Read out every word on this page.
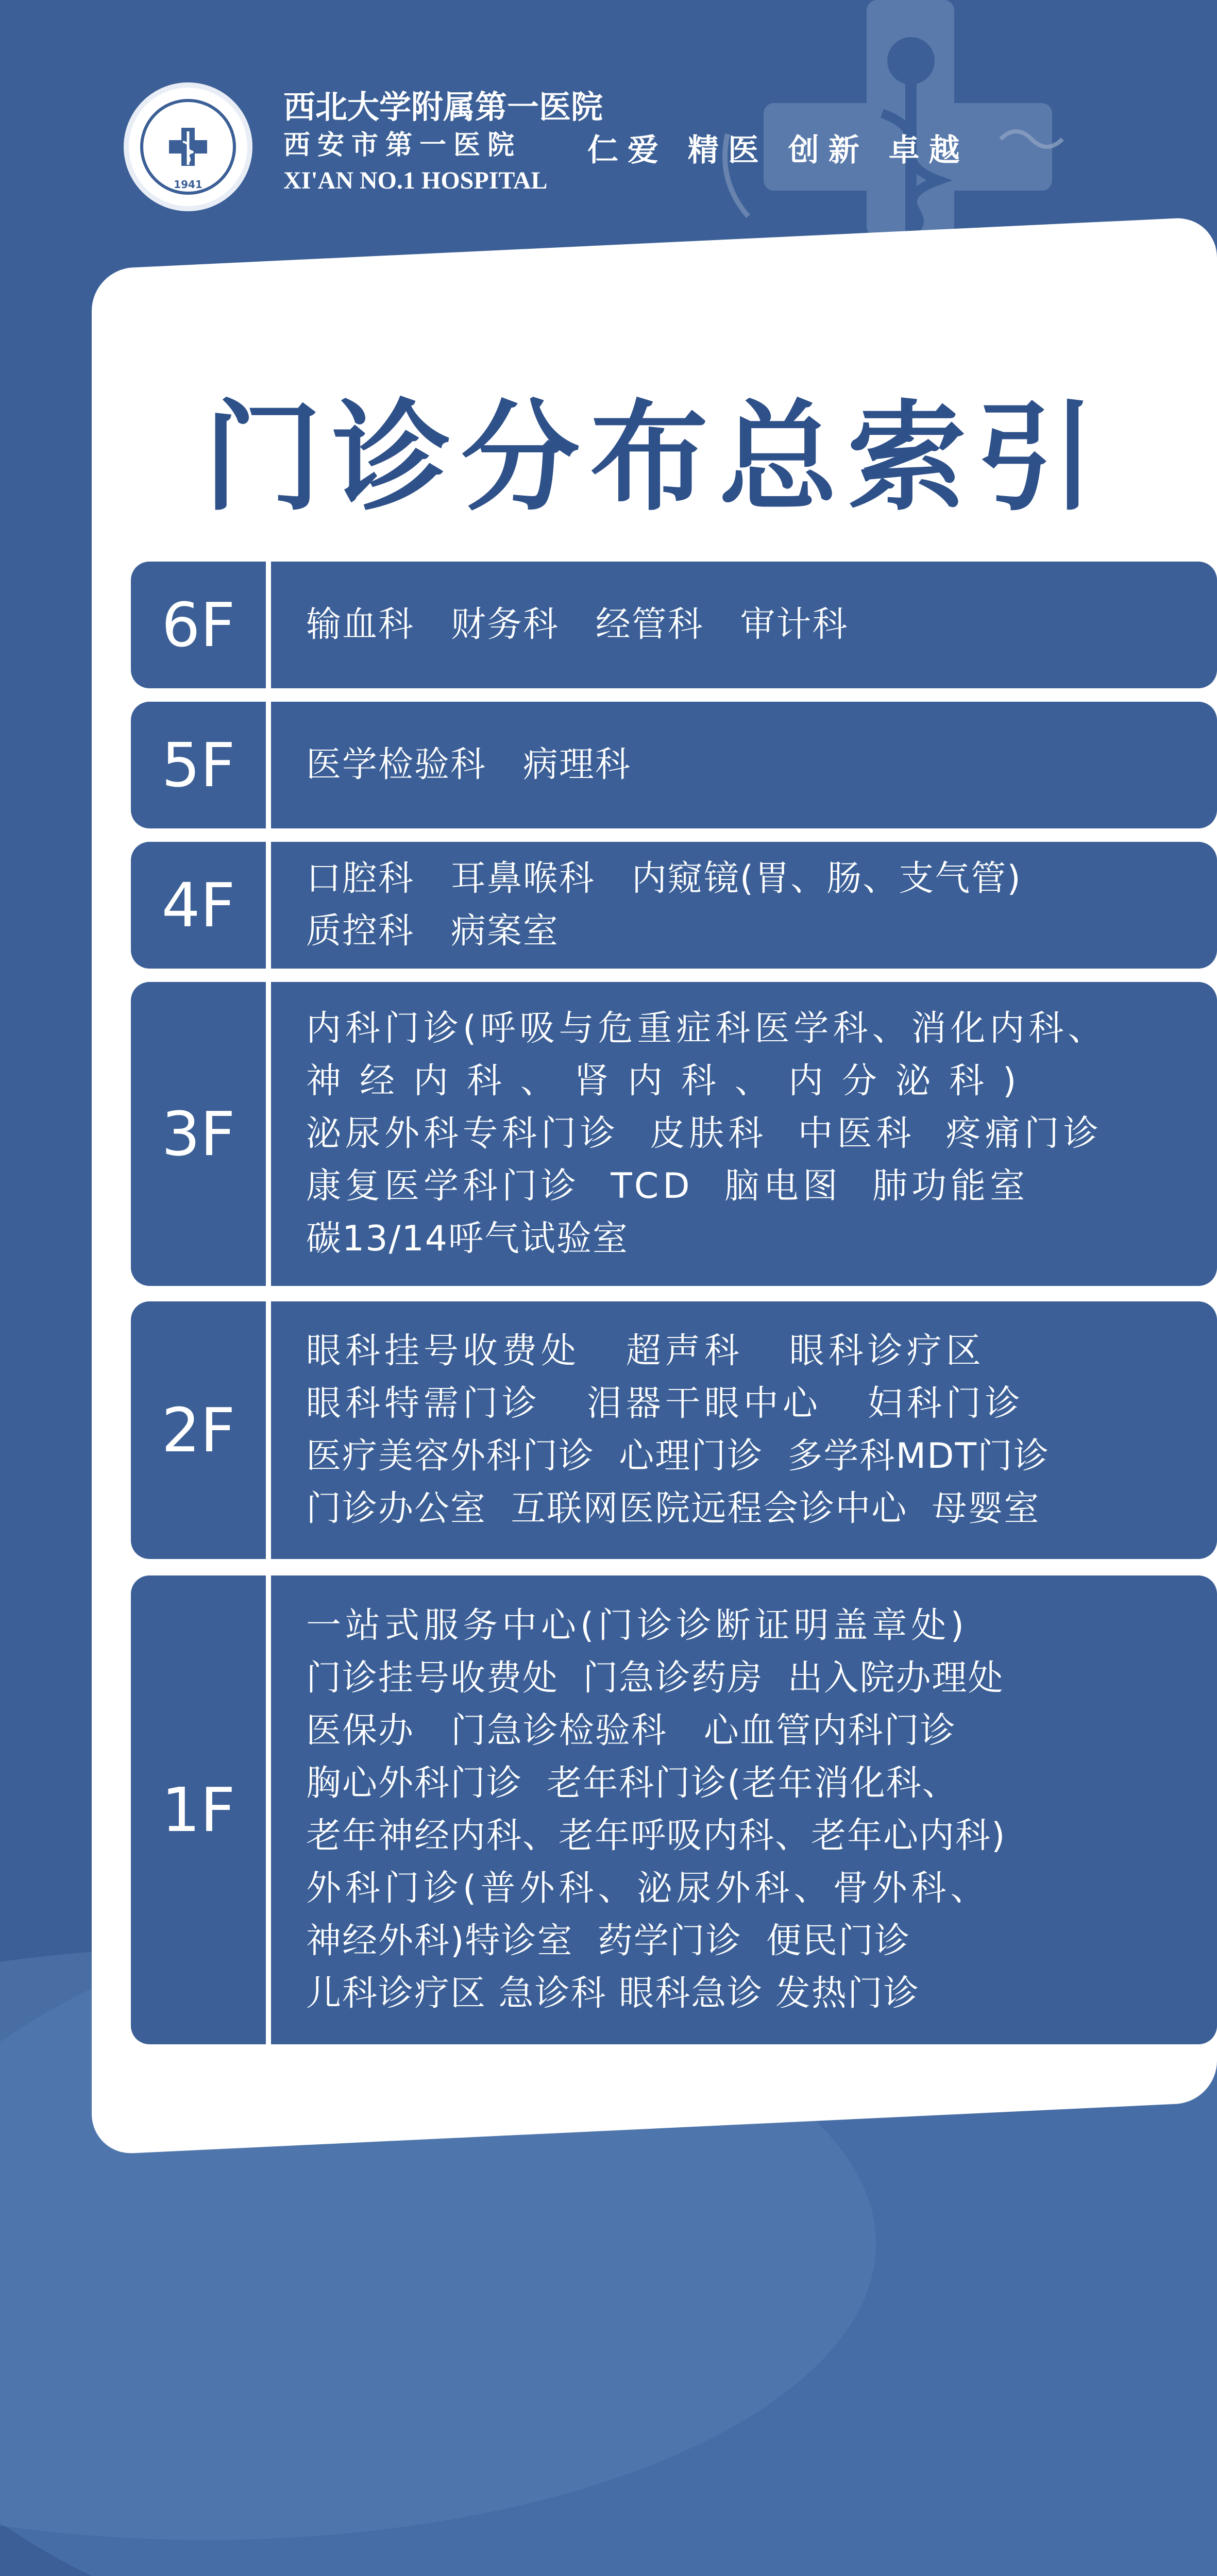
1941
西北大学附属第一医院
西安市第一医院
XI'AN NO.1 HOSPITAL
仁爱 精医 创新 卓越
门诊分布总索引
6F	输血科   财务科   经管科   审计科
5F	医学检验科   病理科
4F	口腔科   耳鼻喉科   内窥镜(胃、肠、支气管)
质控科   病案室
3F
内科门诊(呼吸与危重症科医学科、消化内科、
神经内科、肾内科、内分泌科)
泌尿外科专科门诊  皮肤科  中医科  疼痛门诊
康复医学科门诊  TCD  脑电图  肺功能室
碳13/14呼气试验室
2F
眼科挂号收费处   超声科   眼科诊疗区
眼科特需门诊   泪器干眼中心   妇科门诊
医疗美容外科门诊  心理门诊  多学科MDT门诊
门诊办公室  互联网医院远程会诊中心  母婴室
1F
一站式服务中心(门诊诊断证明盖章处)
门诊挂号收费处  门急诊药房  出入院办理处
医保办   门急诊检验科   心血管内科门诊
胸心外科门诊  老年科门诊(老年消化科、
老年神经内科、老年呼吸内科、老年心内科)
外科门诊(普外科、泌尿外科、骨外科、
神经外科)特诊室  药学门诊  便民门诊
儿科诊疗区 急诊科 眼科急诊 发热门诊
